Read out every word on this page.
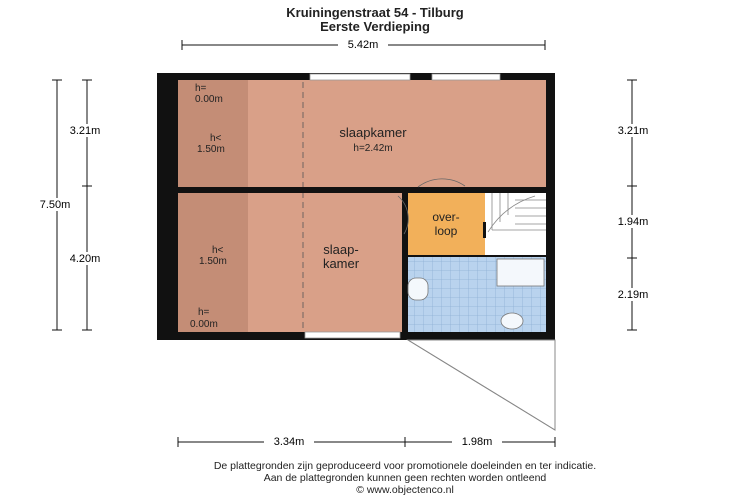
Kruiningenstraat 54 - Tilburg
Eerste Verdieping
5.42m
7.50m
3.21m
4.20m
3.21m
1.94m
2.19m
3.34m	1.98m
slaapkamer
h=2.42m
h=
0.00m
h<
1.50m
slaap-
kamer
h<
1.50m
h=
0.00m
over-
loop
De plattegronden zijn geproduceerd voor promotionele doeleinden en ter indicatie.
Aan de plattegronden kunnen geen rechten worden ontleend
© www.objectenco.nl
